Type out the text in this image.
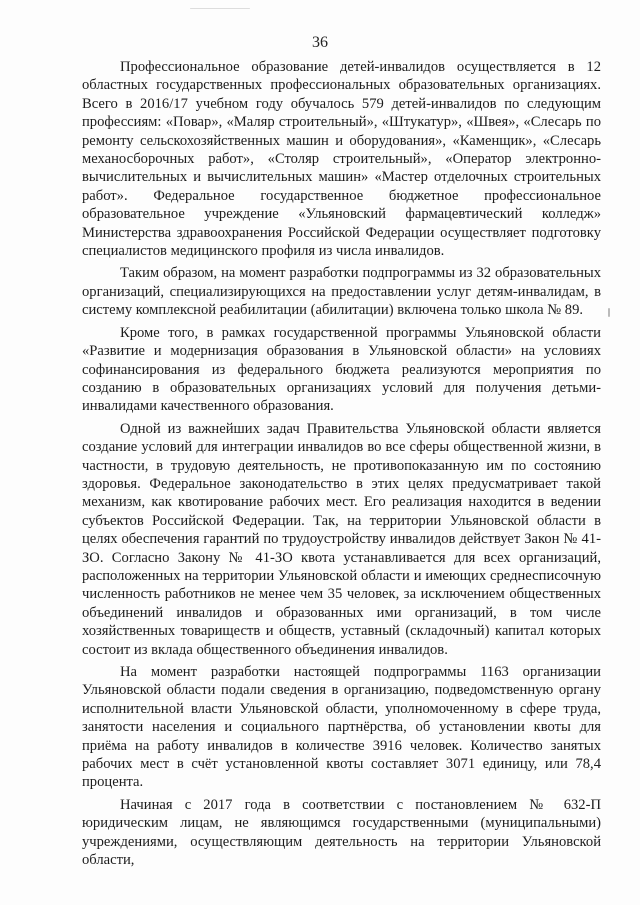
36

Профессиональное образование детей-инвалидов осуществляется в 12 областных государственных профессиональных образовательных организациях. Всего в 2016/17 учебном году обучалось 579 детей-инвалидов по следующим профессиям: «Повар», «Маляр строительный», «Штукатур», «Швея», «Слесарь по ремонту сельскохозяйственных машин и оборудования», «Каменщик», «Слесарь механосборочных работ», «Столяр строительный», «Оператор электронно-вычислительных и вычислительных машин» «Мастер отделочных строительных работ». Федеральное государственное бюджетное профессиональное образовательное учреждение «Ульяновский фармацевтический колледж» Министерства здравоохранения Российской Федерации осуществляет подготовку специалистов медицинского профиля из числа инвалидов.

Таким образом, на момент разработки подпрограммы из 32 образовательных организаций, специализирующихся на предоставлении услуг детям-инвалидам, в систему комплексной реабилитации (абилитации) включена только школа № 89.

Кроме того, в рамках государственной программы Ульяновской области «Развитие и модернизация образования в Ульяновской области» на условиях софинансирования из федерального бюджета реализуются мероприятия по созданию в образовательных организациях условий для получения детьми-инвалидами качественного образования.

Одной из важнейших задач Правительства Ульяновской области является создание условий для интеграции инвалидов во все сферы общественной жизни, в частности, в трудовую деятельность, не противопоказанную им по состоянию здоровья. Федеральное законодательство в этих целях предусматривает такой механизм, как квотирование рабочих мест. Его реализация находится в ведении субъектов Российской Федерации. Так, на территории Ульяновской области в целях обеспечения гарантий по трудоустройству инвалидов действует Закон № 41-ЗО. Согласно Закону № 41-ЗО квота устанавливается для всех организаций, расположенных на территории Ульяновской области и имеющих среднесписочную численность работников не менее чем 35 человек, за исключением общественных объединений инвалидов и образованных ими организаций, в том числе хозяйственных товариществ и обществ, уставный (складочный) капитал которых состоит из вклада общественного объединения инвалидов.

На момент разработки настоящей подпрограммы 1163 организации Ульяновской области подали сведения в организацию, подведомственную органу исполнительной власти Ульяновской области, уполномоченному в сфере труда, занятости населения и социального партнёрства, об установлении квоты для приёма на работу инвалидов в количестве 3916 человек. Количество занятых рабочих мест в счёт установленной квоты составляет 3071 единицу, или 78,4 процента.

Начиная с 2017 года в соответствии с постановлением № 632-П юридическим лицам, не являющимся государственными (муниципальными) учреждениями, осуществляющим деятельность на территории Ульяновской области,
